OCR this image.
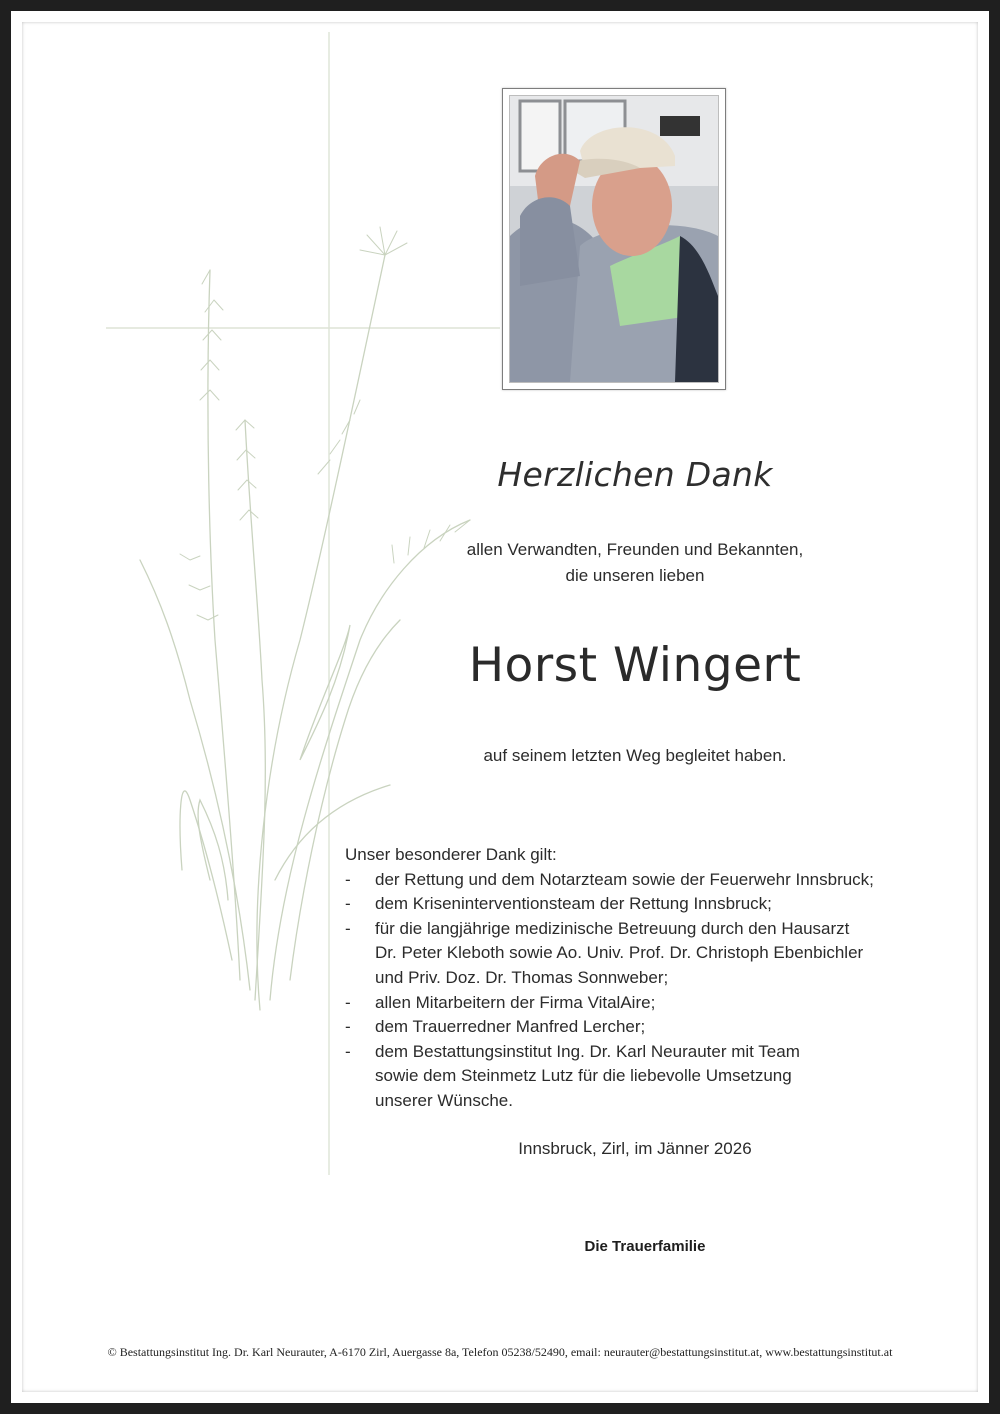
Herzlichen Dank
allen Verwandten, Freunden und Bekannten,
die unseren lieben
Horst Wingert
auf seinem letzten Weg begleitet haben.

Unser besonderer Dank gilt:

-	der Rettung und dem Notarzteam sowie der Feuerwehr Innsbruck;
-	dem Kriseninterventionsteam der Rettung Innsbruck;
-	für die langjährige medizinische Betreuung durch den Hausarzt
Dr. Peter Kleboth sowie Ao. Univ. Prof. Dr. Christoph Ebenbichler
und Priv. Doz. Dr. Thomas Sonnweber;
-	allen Mitarbeitern der Firma VitalAire;
-	dem Trauerredner Manfred Lercher;
-	dem Bestattungsinstitut Ing. Dr. Karl Neurauter mit Team
sowie dem Steinmetz Lutz für die liebevolle Umsetzung
unserer Wünsche.
Innsbruck, Zirl, im Jänner 2026
Die Trauerfamilie
© Bestattungsinstitut Ing. Dr. Karl Neurauter, A-6170 Zirl, Auergasse 8a, Telefon 05238/52490, email: neurauter@bestattungsinstitut.at, www.bestattungsinstitut.at
